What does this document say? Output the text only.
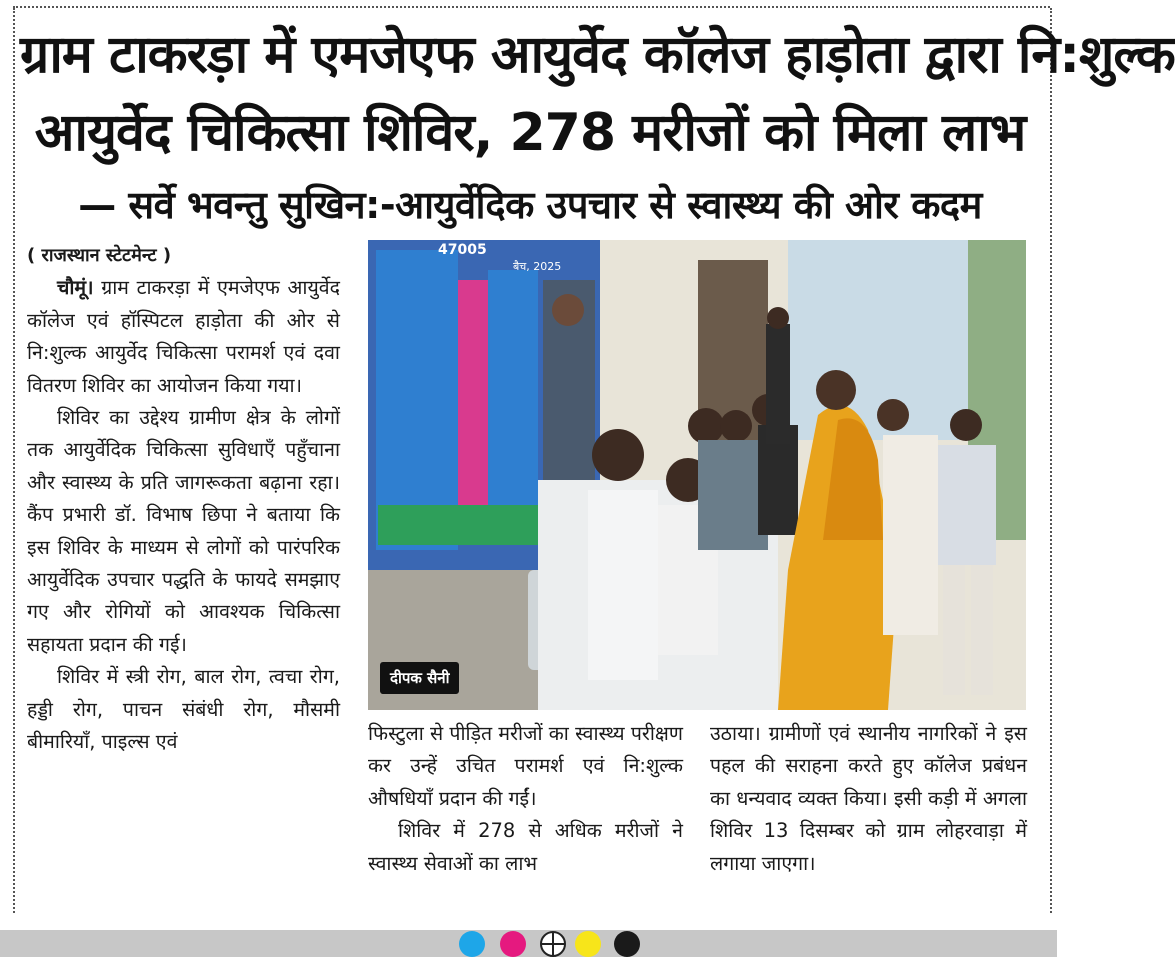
ग्राम टाकरड़ा में एमजेएफ आयुर्वेद कॉलेज हाड़ोता द्वारा नि:शुल्क
आयुर्वेद चिकित्सा शिविर, 278 मरीजों को मिला लाभ
— सर्वे भवन्तु सुखिन:-आयुर्वेदिक उपचार से स्वास्थ्य की ओर कदम

( राजस्थान स्टेटमेन्ट )

चौमूं। ग्राम टाकरड़ा में एमजेएफ आयुर्वेद कॉलेज एवं हॉस्पिटल हाड़ोता की ओर से नि:शुल्क आयुर्वेद चिकित्सा परामर्श एवं दवा वितरण शिविर का आयोजन किया गया।

शिविर का उद्देश्य ग्रामीण क्षेत्र के लोगों तक आयुर्वेदिक चिकित्सा सुविधाएँ पहुँचाना और स्वास्थ्य के प्रति जागरूकता बढ़ाना रहा। कैंप प्रभारी डॉ. विभाष छिपा ने बताया कि इस शिविर के माध्यम से लोगों को पारंपरिक आयुर्वेदिक उपचार पद्धति के फायदे समझाए गए और रोगियों को आवश्यक चिकित्सा सहायता प्रदान की गई।

शिविर में स्त्री रोग, बाल रोग, त्वचा रोग, हड्डी रोग, पाचन संबंधी रोग, मौसमी बीमारियाँ, पाइल्स एवं

47005
बैच, 2025
दीपक सैनी

फिस्टुला से पीड़ित मरीजों का स्वास्थ्य परीक्षण कर उन्हें उचित परामर्श एवं नि:शुल्क औषधियाँ प्रदान की गईं।

शिविर में 278 से अधिक मरीजों ने स्वास्थ्य सेवाओं का लाभ

उठाया। ग्रामीणों एवं स्थानीय नागरिकों ने इस पहल की सराहना करते हुए कॉलेज प्रबंधन का धन्यवाद व्यक्त किया। इसी कड़ी में अगला शिविर 13 दिसम्बर को ग्राम लोहरवाड़ा में लगाया जाएगा।
